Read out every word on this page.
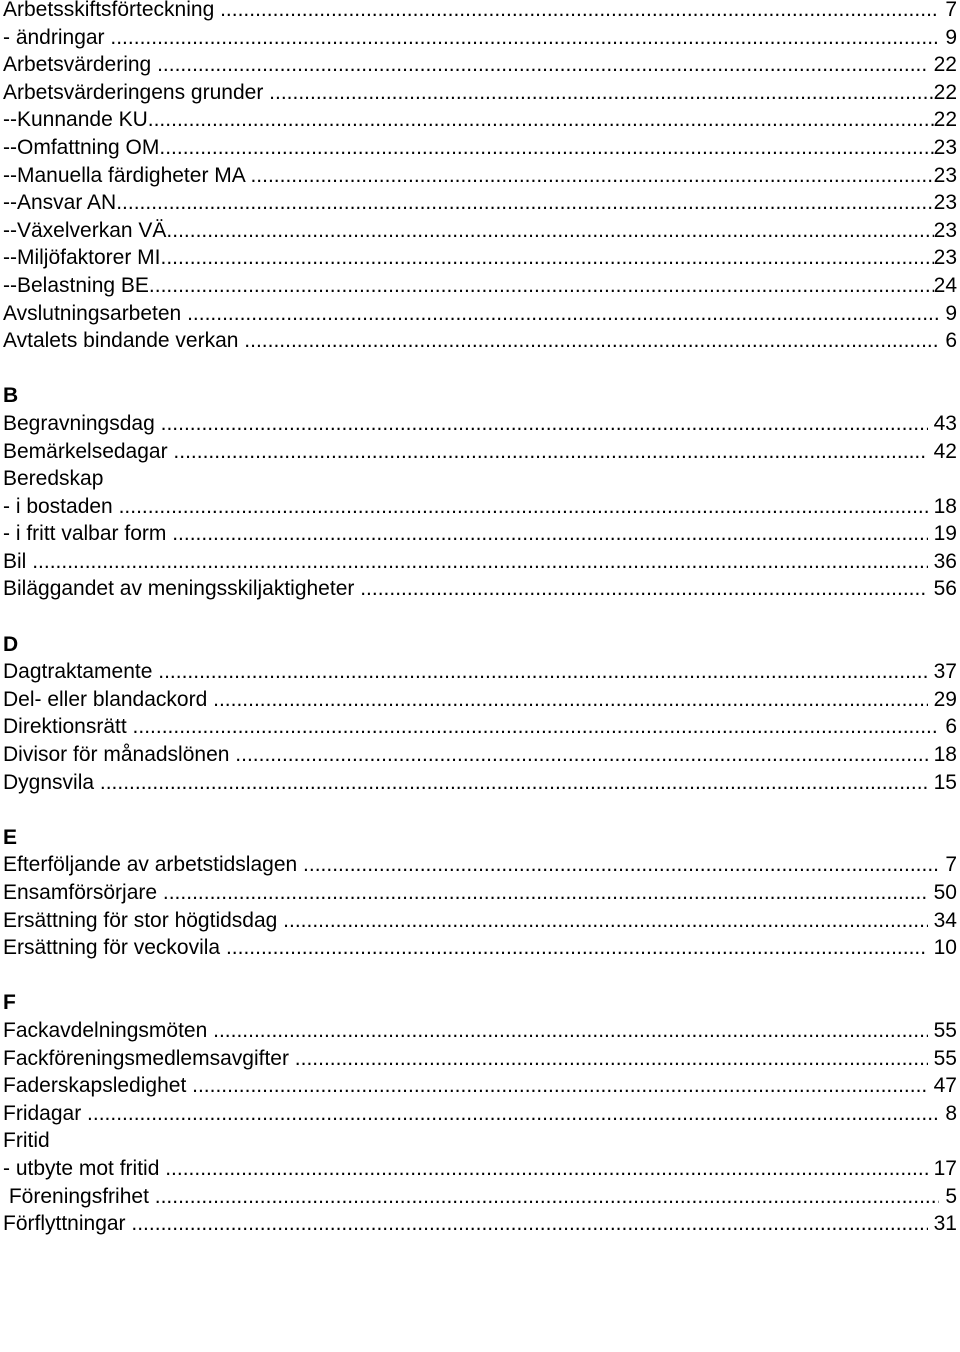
Arbetsskiftsförteckning .....	7
- ändringar .....	9
Arbetsvärdering .....	22
Arbetsvärderingens grunder .....	22
--Kunnande KU .....	22
--Omfattning OM .....	23
--Manuella färdigheter MA .....	23
--Ansvar AN .....	23
--Växelverkan VÄ .....	23
--Miljöfaktorer MI .....	23
--Belastning BE .....	24
Avslutningsarbeten .....	9
Avtalets bindande verkan .....	6
B
Begravningsdag .....	43
Bemärkelsedagar .....	42
Beredskap
- i bostaden .....	18
- i fritt valbar form .....	19
Bil .....	36
Biläggandet av meningsskiljaktigheter .....	56
D
Dagtraktamente .....	37
Del- eller blandackord .....	29
Direktionsrätt .....	6
Divisor för månadslönen .....	18
Dygnsvila .....	15
E
Efterföljande av arbetstidslagen .....	7
Ensamförsörjare .....	50
Ersättning för stor högtidsdag .....	34
Ersättning för veckovila .....	10
F
Fackavdelningsmöten .....	55
Fackföreningsmedlemsavgifter .....	55
Faderskapsledighet .....	47
Fridagar .....	8
Fritid
- utbyte mot fritid .....	17
Föreningsfrihet .....	5
Förflyttningar .....	31
